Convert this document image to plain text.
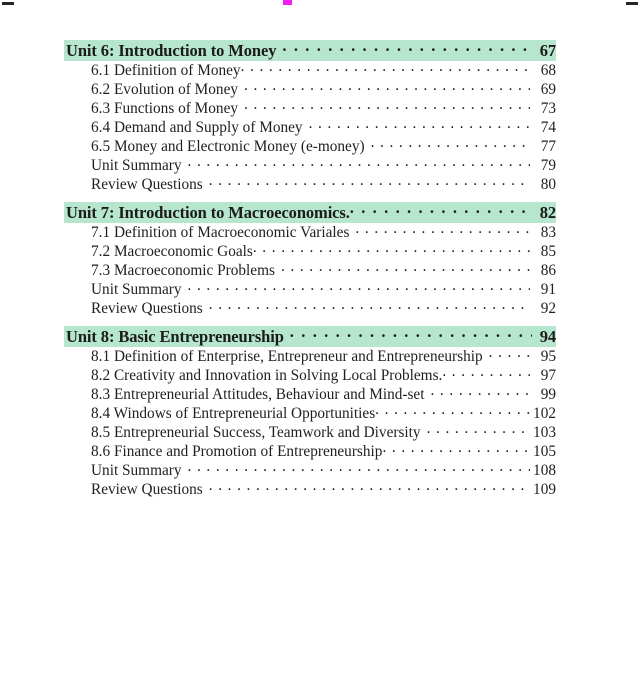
Unit 6: Introduction to Money . . .	67
6.1 Definition of Money . . .	68
6.2 Evolution of Money . . .	69
6.3 Functions of Money . . .	73
6.4 Demand and Supply of Money . . .	74
6.5 Money and Electronic Money (e-money) . . .	77
Unit Summary . . .	79
Review Questions . . .	80
Unit 7: Introduction to Macroeconomics. . . .	82
7.1 Definition of Macroeconomic Variales . . .	83
7.2 Macroeconomic Goals . . .	85
7.3 Macroeconomic Problems . . .	86
Unit Summary . . .	91
Review Questions . . .	92
Unit 8: Basic Entrepreneurship . . .	94
8.1 Definition of Enterprise, Entrepreneur and Entrepreneurship . . .	95
8.2 Creativity and Innovation in Solving Local Problems. . . .	97
8.3 Entrepreneurial Attitudes, Behaviour and Mind-set . . .	99
8.4 Windows of Entrepreneurial Opportunities . . .	102
8.5 Entrepreneurial Success, Teamwork and Diversity . . .	103
8.6 Finance and Promotion of Entrepreneurship . . .	105
Unit Summary . . .	108
Review Questions . . .	109
